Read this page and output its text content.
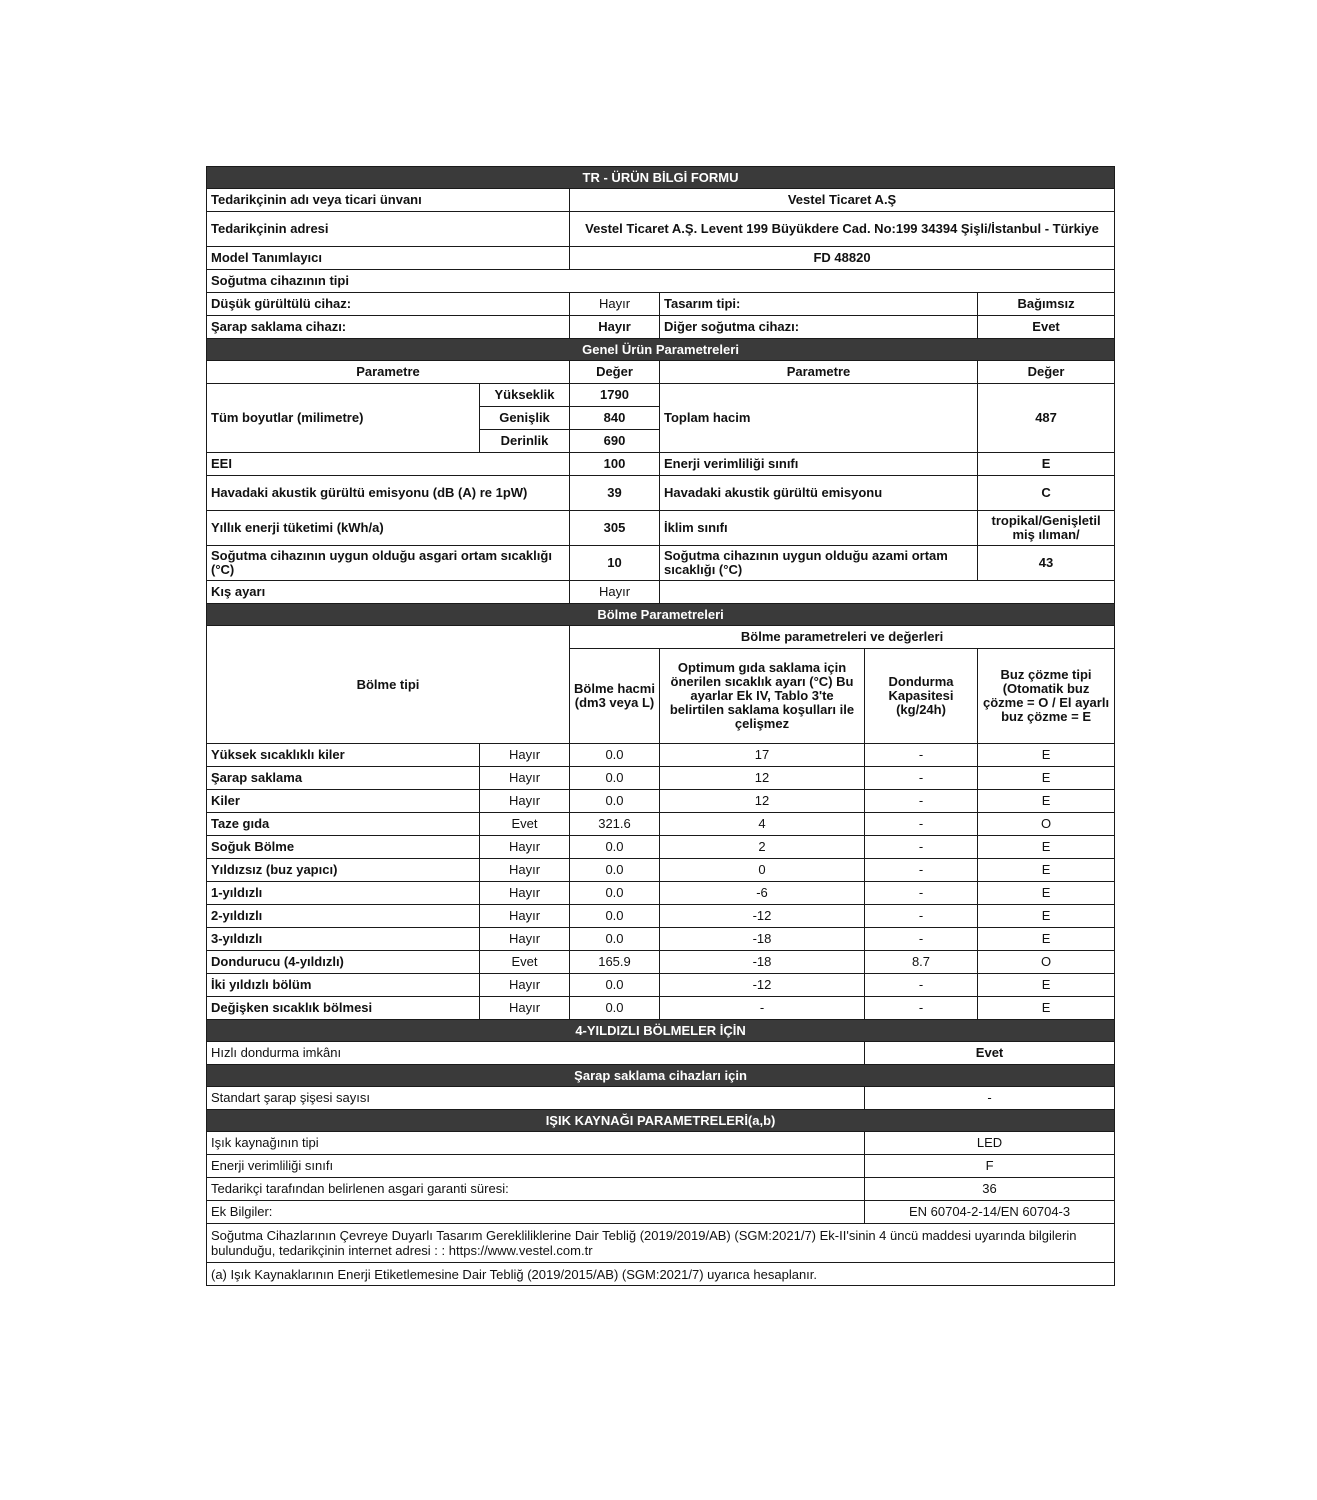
TR - ÜRÜN BİLGİ FORMU					
Tedarikçinin adı veya ticari ünvanı		Vestel Ticaret A.Ş			
Tedarikçinin adresi		Vestel Ticaret A.Ş. Levent 199 Büyükdere Cad. No:199 34394 Şişli/İstanbul - Türkiye			
Model Tanımlayıcı		FD 48820			
Soğutma cihazının tipi					
Düşük gürültülü cihaz:		Hayır	Tasarım tipi:		Bağımsız
Şarap saklama cihazı:		Hayır	Diğer soğutma cihazı:		Evet
Genel Ürün Parametreleri					
Parametre		Değer	Parametre		Değer
Tüm boyutlar (milimetre)	Yükseklik	1790	Toplam hacim		487
	Genişlik	840			
	Derinlik	690			
EEI		100	Enerji verimliliği sınıfı		E
Havadaki akustik gürültü emisyonu (dB (A) re 1pW)		39	Havadaki akustik gürültü emisyonu		C
Yıllık enerji tüketimi (kWh/a)		305	İklim sınıfı		tropikal/Genişletil miş ılıman/
Soğutma cihazının uygun olduğu asgari ortam sıcaklığı (°C)		10	Soğutma cihazının uygun olduğu azami ortam sıcaklığı (°C)		43
Kış ayarı		Hayır			
Bölme Parametreleri					
Bölme tipi		Bölme parametreleri ve değerleri			
		Bölme hacmi (dm3 veya L)	Optimum gıda saklama için önerilen sıcaklık ayarı (°C) Bu ayarlar Ek IV, Tablo 3'te belirtilen saklama koşulları ile çelişmez	Dondurma Kapasitesi (kg/24h)	Buz çözme tipi (Otomatik buz çözme = O / El ayarlı buz çözme = E
Yüksek sıcaklıklı kiler	Hayır	0.0	17	-	E
Şarap saklama	Hayır	0.0	12	-	E
Kiler	Hayır	0.0	12	-	E
Taze gıda	Evet	321.6	4	-	O
Soğuk Bölme	Hayır	0.0	2	-	E
Yıldızsız (buz yapıcı)	Hayır	0.0	0	-	E
1-yıldızlı	Hayır	0.0	-6	-	E
2-yıldızlı	Hayır	0.0	-12	-	E
3-yıldızlı	Hayır	0.0	-18	-	E
Dondurucu (4-yıldızlı)	Evet	165.9	-18	8.7	O
İki yıldızlı bölüm	Hayır	0.0	-12	-	E
Değişken sıcaklık bölmesi	Hayır	0.0	-	-	E
4-YILDIZLI BÖLMELER İÇİN					
Hızlı dondurma imkânı				Evet	
Şarap saklama cihazları için					
Standart şarap şişesi sayısı				-	
IŞIK KAYNAĞI PARAMETRELERİ(a,b)					
Işık kaynağının tipi				LED	
Enerji verimliliği sınıfı				F	
Tedarikçi tarafından belirlenen asgari garanti süresi:				36	
Ek Bilgiler:				EN 60704-2-14/EN 60704-3	
Soğutma Cihazlarının Çevreye Duyarlı Tasarım Gerekliliklerine Dair Tebliğ (2019/2019/AB) (SGM:2021/7) Ek-II'sinin 4 üncü maddesi uyarında bilgilerin bulunduğu, tedarikçinin internet adresi : : https://www.vestel.com.tr					
(a) Işık Kaynaklarının Enerji Etiketlemesine Dair Tebliğ (2019/2015/AB) (SGM:2021/7) uyarıca hesaplanır.					
